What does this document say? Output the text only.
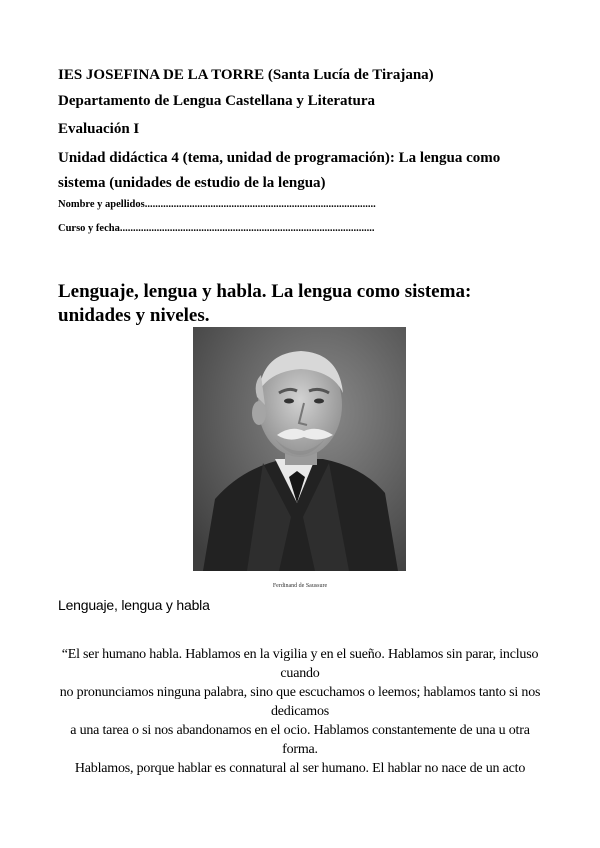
IES JOSEFINA DE LA TORRE (Santa Lucía de Tirajana)
Departamento de Lengua Castellana y Literatura
Evaluación I
Unidad didáctica 4 (tema, unidad de programación): La lengua como sistema (unidades de estudio de la lengua)
Nombre y apellidos........................................................................................
Curso y fecha.................................................................................................
Lenguaje, lengua y habla. La lengua como sistema: unidades y niveles.
Ferdinand de Saussure
Lenguaje, lengua y habla

“El ser humano habla. Hablamos en la vigilia y en el sueño. Hablamos sin parar, incluso cuando

no pronunciamos ninguna palabra, sino que escuchamos o leemos; hablamos tanto si nos dedicamos

a una tarea o si nos abandonamos en el ocio. Hablamos constantemente de una u otra forma.

Hablamos, porque hablar es connatural al ser humano. El hablar no nace de un acto
